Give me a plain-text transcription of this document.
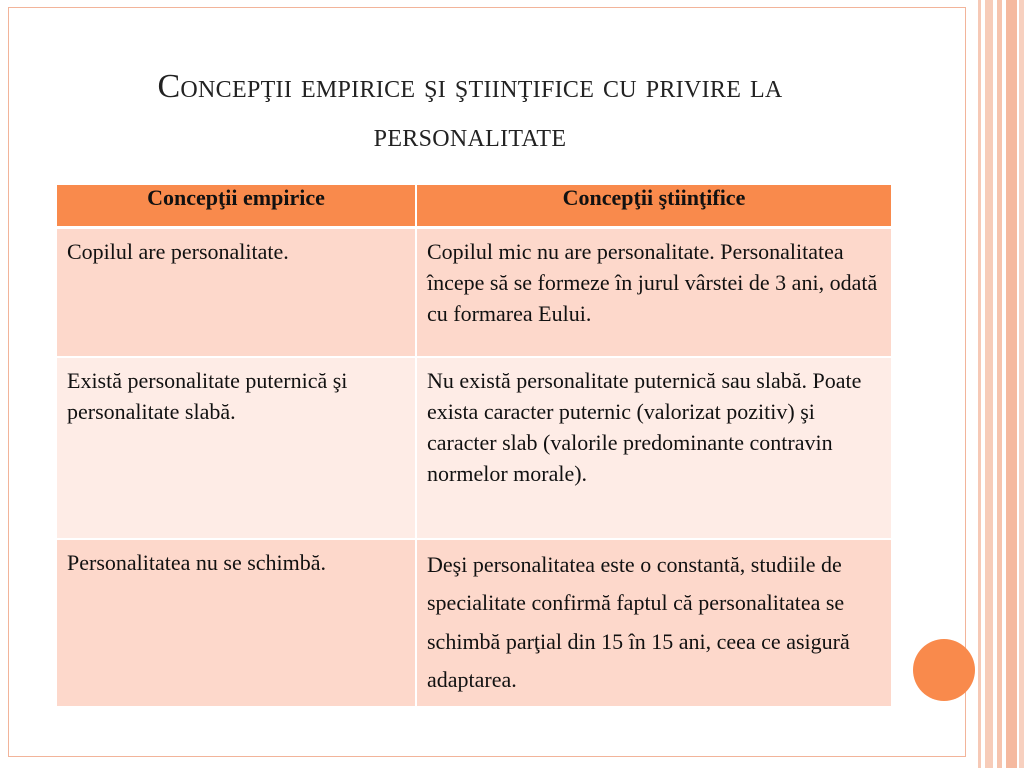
Concepţii empirice şi ştiinţifice cu privire la personalitate
Concepţii empirice	Concepţii ştiinţifice
Copilul are personalitate.	Copilul mic nu are personalitate. Personalitatea începe să se formeze în jurul vârstei de 3 ani, odată cu formarea Eului.
Există personalitate puternică şi personalitate slabă.	Nu există personalitate puternică sau slabă. Poate exista caracter puternic (valorizat pozitiv) şi caracter slab (valorile predominante contravin normelor morale).
Personalitatea nu se schimbă.	Deşi personalitatea este o constantă, studiile de specialitate confirmă faptul că personalitatea se schimbă parţial din 15 în 15 ani, ceea ce asigură adaptarea.
